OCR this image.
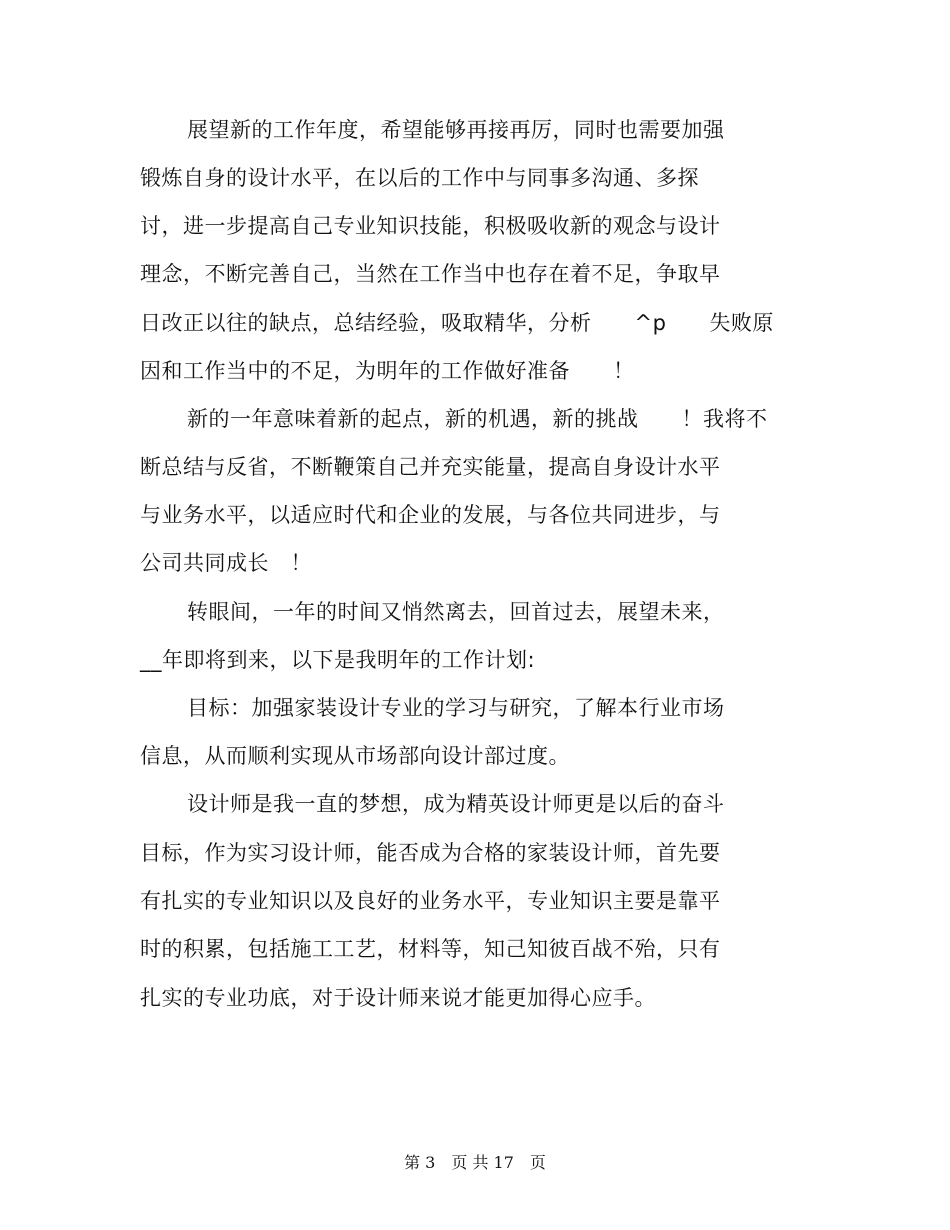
展望新的工作年度，希望能够再接再厉，同时也需要加强
锻炼自身的设计水平，在以后的工作中与同事多沟通、多探
讨，进一步提高自己专业知识技能，积极吸收新的观念与设计
理念，不断完善自己，当然在工作当中也存在着不足，争取早
日改正以往的缺点，总结经验，吸取精华，分析　　^p　　失败原
因和工作当中的不足，为明年的工作做好准备　　！
新的一年意味着新的起点，新的机遇，新的挑战　　！我将不
断总结与反省，不断鞭策自己并充实能量，提高自身设计水平
与业务水平，以适应时代和企业的发展，与各位共同进步，与
公司共同成长　！
转眼间，一年的时间又悄然离去，回首过去，展望未来，
__年即将到来，以下是我明年的工作计划:
目标：加强家装设计专业的学习与研究，了解本行业市场
信息，从而顺利实现从市场部向设计部过度。
设计师是我一直的梦想，成为精英设计师更是以后的奋斗
目标，作为实习设计师，能否成为合格的家装设计师，首先要
有扎实的专业知识以及良好的业务水平，专业知识主要是靠平
时的积累，包括施工工艺，材料等，知己知彼百战不殆，只有
扎实的专业功底，对于设计师来说才能更加得心应手。
第 3　页 共 17　页
